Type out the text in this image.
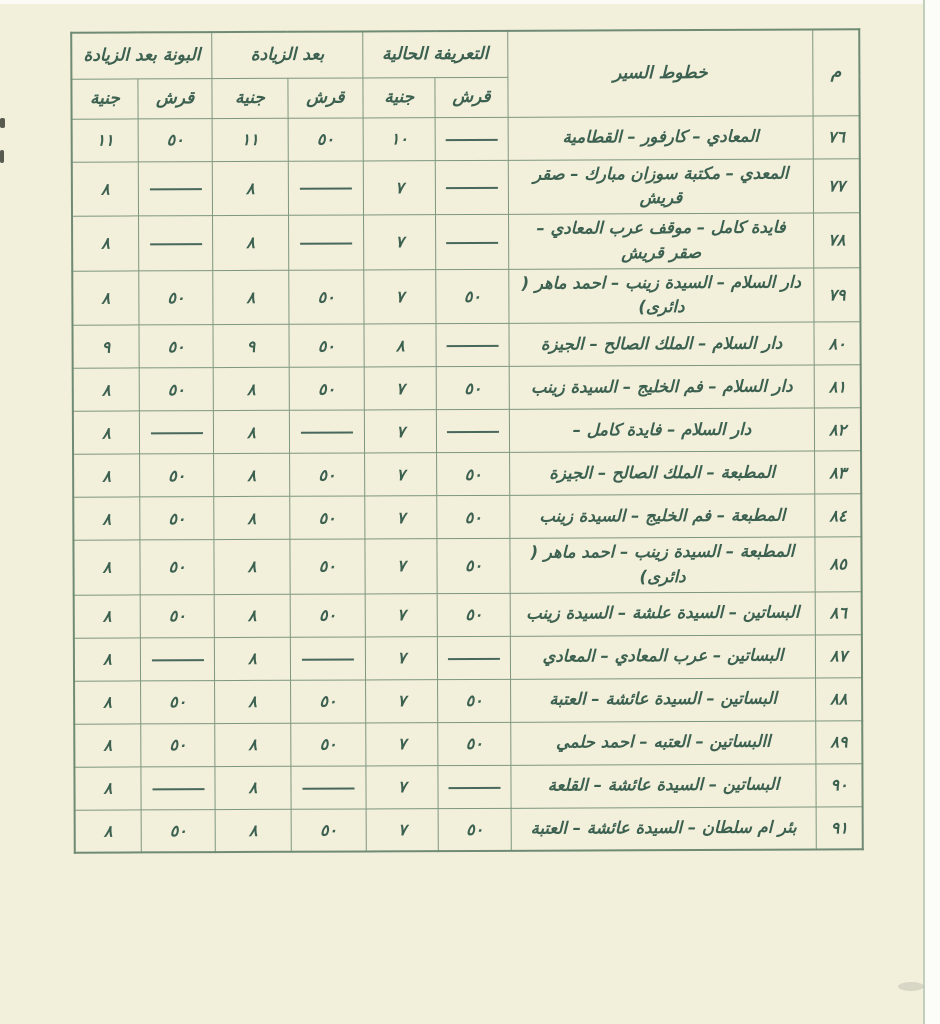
م	خطوط السير	التعريفة الحالية		بعد الزيادة		البونة بعد الزيادة	
		قرش	جنية	قرش	جنية	قرش	جنية
٧٦	المعادي – كارفور – القطامية		١٠	٥٠	١١	٥٠	١١
٧٧	المعدي – مكتبة سوزان مبارك – صقر قريش		٧		٨		٨
٧٨	فايدة كامل – موقف عرب المعادي – صقر قريش		٧		٨		٨
٧٩	دار السلام – السيدة زينب – احمد ماهر ( دائرى)	٥٠	٧	٥٠	٨	٥٠	٨
٨٠	دار السلام – الملك الصالح – الجيزة		٨	٥٠	٩	٥٠	٩
٨١	دار السلام – فم الخليج – السيدة زينب	٥٠	٧	٥٠	٨	٥٠	٨
٨٢	دار السلام – فايدة كامل –		٧		٨		٨
٨٣	المطبعة – الملك الصالح – الجيزة	٥٠	٧	٥٠	٨	٥٠	٨
٨٤	المطبعة – فم الخليج – السيدة زينب	٥٠	٧	٥٠	٨	٥٠	٨
٨٥	المطبعة – السيدة زينب – احمد ماهر ( دائرى)	٥٠	٧	٥٠	٨	٥٠	٨
٨٦	البساتين – السيدة علشة – السيدة زينب	٥٠	٧	٥٠	٨	٥٠	٨
٨٧	البساتين – عرب المعادي – المعادي		٧		٨		٨
٨٨	البساتين – السيدة عائشة – العتبة	٥٠	٧	٥٠	٨	٥٠	٨
٨٩	االبساتين – العتبه – احمد حلمي	٥٠	٧	٥٠	٨	٥٠	٨
٩٠	البساتين – السيدة عائشة – القلعة		٧		٨		٨
٩١	بئر ام سلطان – السيدة عائشة – العتبة	٥٠	٧	٥٠	٨	٥٠	٨
